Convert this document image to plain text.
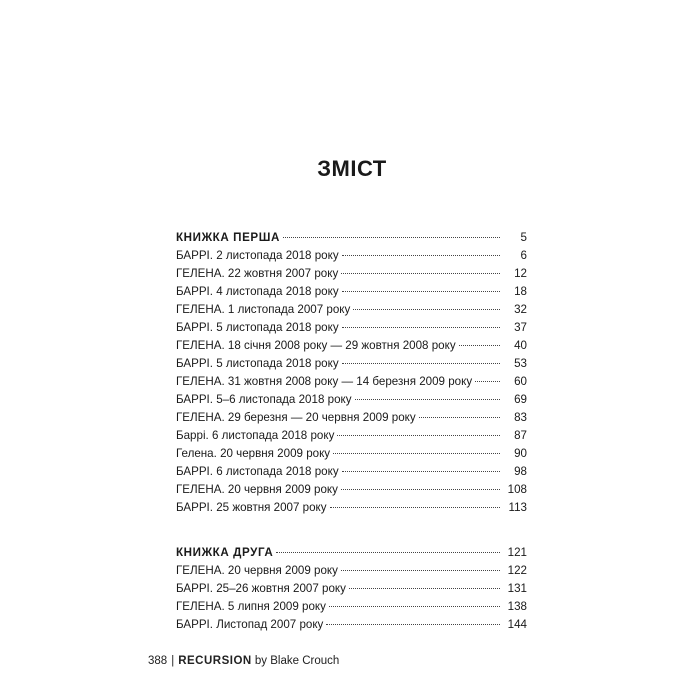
ЗМІСТ
КНИЖКА ПЕРША	5
БАРРІ. 2 листопада 2018 року	6
ГЕЛЕНА. 22 жовтня 2007 року	12
БАРРІ. 4 листопада 2018 року	18
ГЕЛЕНА. 1 листопада 2007 року	32
БАРРІ. 5 листопада 2018 року	37
ГЕЛЕНА. 18 січня 2008 року — 29 жовтня 2008 року	40
БАРРІ. 5 листопада 2018 року	53
ГЕЛЕНА. 31 жовтня 2008 року — 14 березня 2009 року	60
БАРРІ. 5–6 листопада 2018 року	69
ГЕЛЕНА. 29 березня — 20 червня 2009 року	83
Баррі. 6 листопада 2018 року	87
Гелена. 20 червня 2009 року	90
БАРРІ. 6 листопада 2018 року	98
ГЕЛЕНА. 20 червня 2009 року	108
БАРРІ. 25 жовтня 2007 року	113
КНИЖКА ДРУГА	121
ГЕЛЕНА. 20 червня 2009 року	122
БАРРІ. 25–26 жовтня 2007 року	131
ГЕЛЕНА. 5 липня 2009 року	138
БАРРІ. Листопад 2007 року	144
388 | RECURSION by Blake Crouch
